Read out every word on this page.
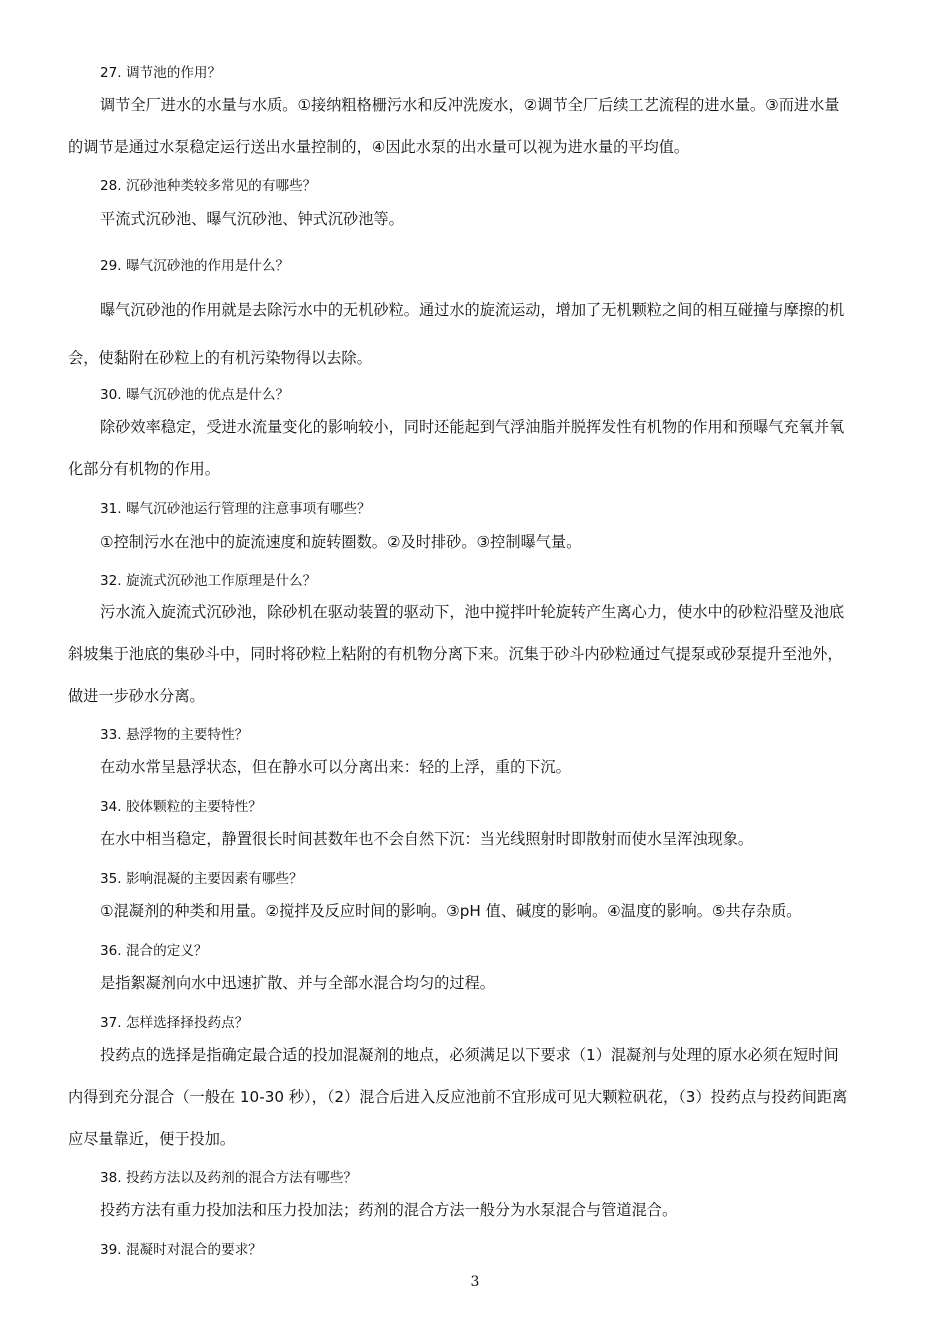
27. 调节池的作用？
调节全厂进水的水量与水质。①接纳粗格栅污水和反冲洗废水，②调节全厂后续工艺流程的进水量。③而进水量
的调节是通过水泵稳定运行送出水量控制的，④因此水泵的出水量可以视为进水量的平均值。
28. 沉砂池种类较多常见的有哪些？
平流式沉砂池、曝气沉砂池、钟式沉砂池等。
29. 曝气沉砂池的作用是什么？
曝气沉砂池的作用就是去除污水中的无机砂粒。通过水的旋流运动，增加了无机颗粒之间的相互碰撞与摩擦的机
会，使黏附在砂粒上的有机污染物得以去除。
30. 曝气沉砂池的优点是什么？
除砂效率稳定，受进水流量变化的影响较小，同时还能起到气浮油脂并脱挥发性有机物的作用和预曝气充氧并氧
化部分有机物的作用。
31. 曝气沉砂池运行管理的注意事项有哪些？
①控制污水在池中的旋流速度和旋转圈数。②及时排砂。③控制曝气量。
32. 旋流式沉砂池工作原理是什么？
污水流入旋流式沉砂池，除砂机在驱动装置的驱动下，池中搅拌叶轮旋转产生离心力，使水中的砂粒沿壁及池底
斜坡集于池底的集砂斗中，同时将砂粒上粘附的有机物分离下来。沉集于砂斗内砂粒通过气提泵或砂泵提升至池外，
做进一步砂水分离。
33. 悬浮物的主要特性？
在动水常呈悬浮状态，但在静水可以分离出来：轻的上浮，重的下沉。
34. 胶体颗粒的主要特性？
在水中相当稳定，静置很长时间甚数年也不会自然下沉：当光线照射时即散射而使水呈浑浊现象。
35. 影响混凝的主要因素有哪些？
①混凝剂的种类和用量。②搅拌及反应时间的影响。③pH 值、碱度的影响。④温度的影响。⑤共存杂质。
36. 混合的定义？
是指絮凝剂向水中迅速扩散、并与全部水混合均匀的过程。
37. 怎样选择择投药点？
投药点的选择是指确定最合适的投加混凝剂的地点，必须满足以下要求（1）混凝剂与处理的原水必须在短时间
内得到充分混合（一般在 10-30 秒），（2）混合后进入反应池前不宜形成可见大颗粒矾花，（3）投药点与投药间距离
应尽量靠近，便于投加。
38. 投药方法以及药剂的混合方法有哪些？
投药方法有重力投加法和压力投加法；药剂的混合方法一般分为水泵混合与管道混合。
39. 混凝时对混合的要求？
3
